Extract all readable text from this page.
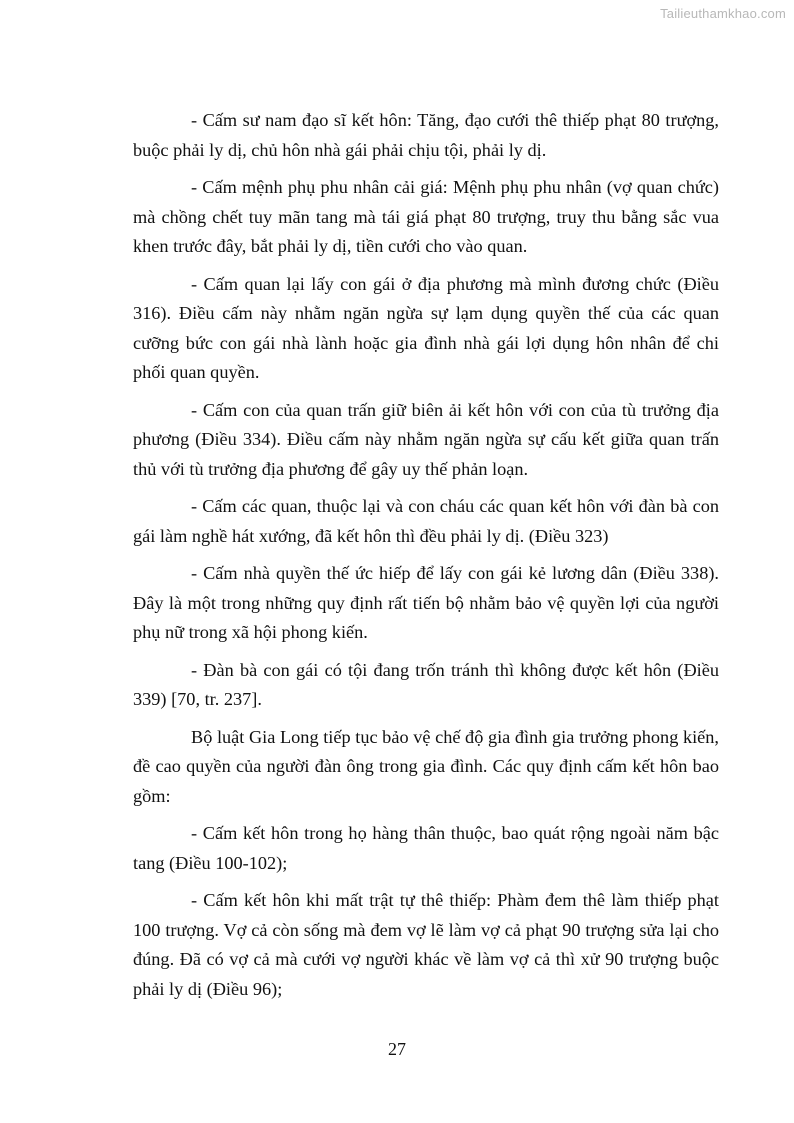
Tailieuthamkhao.com

- Cấm sư nam đạo sĩ kết hôn: Tăng, đạo cưới thê thiếp phạt 80 trượng, buộc phải ly dị, chủ hôn nhà gái phải chịu tội, phải ly dị.

- Cấm mệnh phụ phu nhân cải giá: Mệnh phụ phu nhân (vợ quan chức) mà chồng chết tuy mãn tang mà tái giá phạt 80 trượng, truy thu bằng sắc vua khen trước đây, bắt phải ly dị, tiền cưới cho vào quan.

- Cấm quan lại lấy con gái ở địa phương mà mình đương chức (Điều 316). Điều cấm này nhằm ngăn ngừa sự lạm dụng quyền thế của các quan cưỡng bức con gái nhà lành hoặc gia đình nhà gái lợi dụng hôn nhân để chi phối quan quyền.

- Cấm con của quan trấn giữ biên ải kết hôn với con của tù trưởng địa phương (Điều 334). Điều cấm này nhằm ngăn ngừa sự cấu kết giữa quan trấn thủ với tù trưởng địa phương để gây uy thế phản loạn.

- Cấm các quan, thuộc lại và con cháu các quan kết hôn với đàn bà con gái làm nghề hát xướng, đã kết hôn thì đều phải ly dị. (Điều 323)

- Cấm nhà quyền thế ức hiếp để lấy con gái kẻ lương dân (Điều 338). Đây là một trong những quy định rất tiến bộ nhằm bảo vệ quyền lợi của người phụ nữ trong xã hội phong kiến.

- Đàn bà con gái có tội đang trốn tránh thì không được kết hôn (Điều 339) [70, tr. 237].

Bộ luật Gia Long tiếp tục bảo vệ chế độ gia đình gia trưởng phong kiến, đề cao quyền của người đàn ông trong gia đình. Các quy định cấm kết hôn bao gồm:

- Cấm kết hôn trong họ hàng thân thuộc, bao quát rộng ngoài năm bậc tang (Điều 100-102);

- Cấm kết hôn khi mất trật tự thê thiếp: Phàm đem thê làm thiếp phạt 100 trượng. Vợ cả còn sống mà đem vợ lẽ làm vợ cả phạt 90 trượng sửa lại cho đúng. Đã có vợ cả mà cưới vợ người khác về làm vợ cả thì xử 90 trượng buộc phải ly dị (Điều 96);

27
